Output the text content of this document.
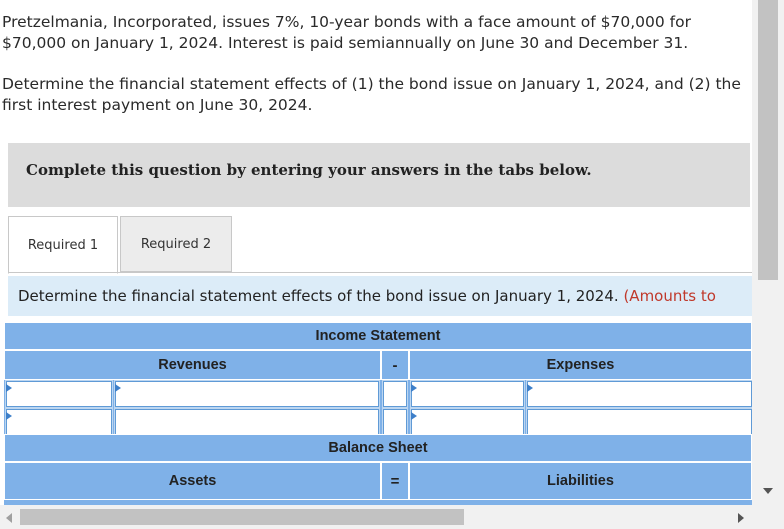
Pretzelmania, Incorporated, issues 7%, 10-year bonds with a face amount of $70,000 for $70,000 on January 1, 2024. Interest is paid semiannually on June 30 and December 31.

Determine the financial statement effects of (1) the bond issue on January 1, 2024, and (2) the first interest payment on June 30, 2024.

Complete this question by entering your answers in the tabs below.
Required 1	Required 2
Determine the financial statement effects of the bond issue on January 1, 2024. (Amounts to
Income Statement
Revenues	-	Expenses
Balance Sheet
Assets	=	Liabilities
